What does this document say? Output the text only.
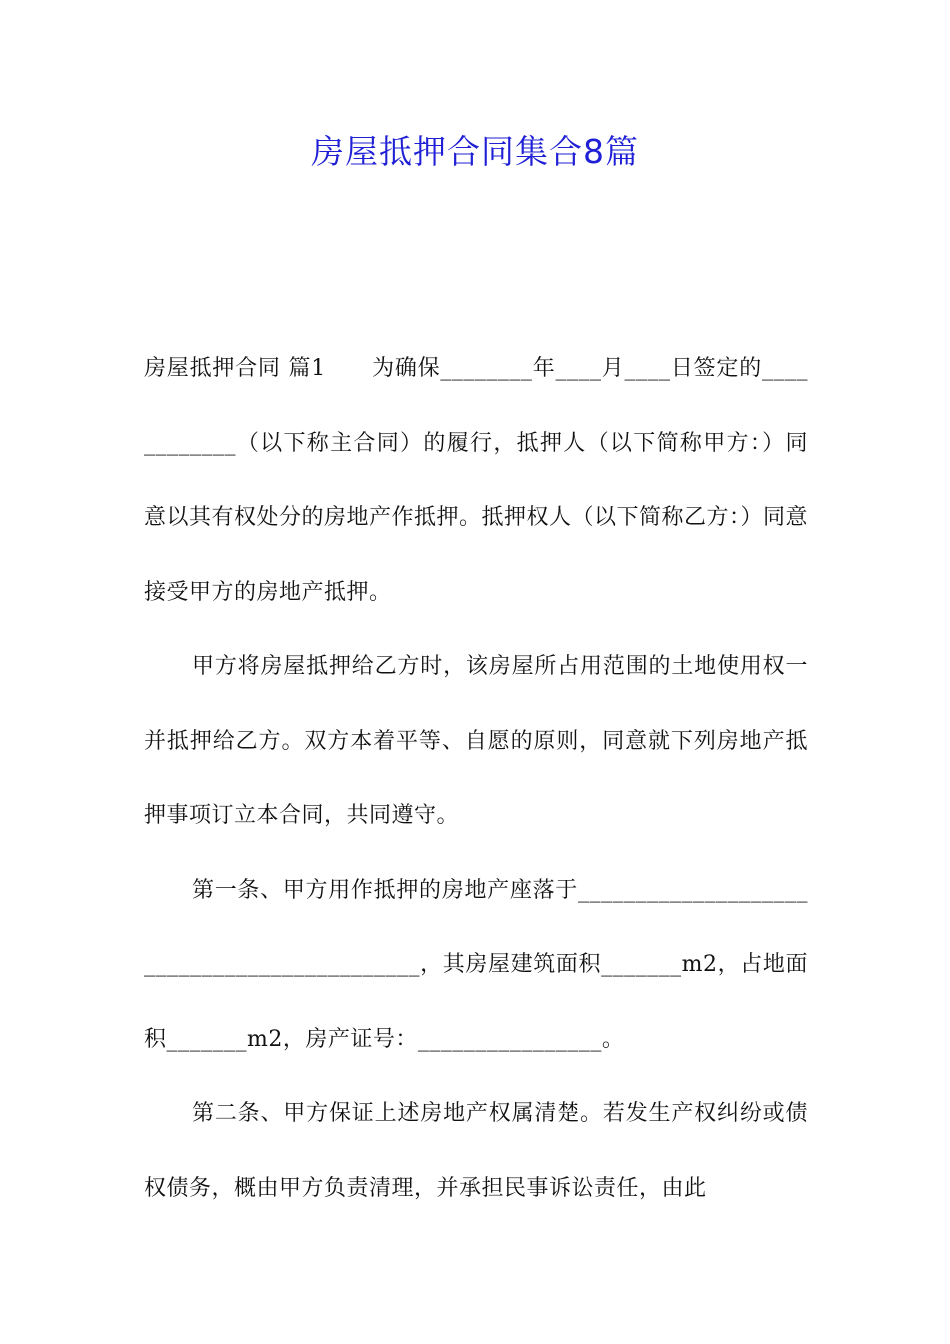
房屋抵押合同集合8篇

房屋抵押合同 篇1 为确保________年____月____日签定的____________（以下称主合同）的履行，抵押人（以下简称甲方：）同意以其有权处分的房地产作抵押。抵押权人（以下简称乙方：）同意接受甲方的房地产抵押。

甲方将房屋抵押给乙方时，该房屋所占用范围的土地使用权一并抵押给乙方。双方本着平等、自愿的原则，同意就下列房地产抵押事项订立本合同，共同遵守。

第一条、甲方用作抵押的房地产座落于____________________________________________，其房屋建筑面积_______m2，占地面积_______m2，房产证号：________________。

第二条、甲方保证上述房地产权属清楚。若发生产权纠纷或债权债务，概由甲方负责清理，并承担民事诉讼责任，由此
